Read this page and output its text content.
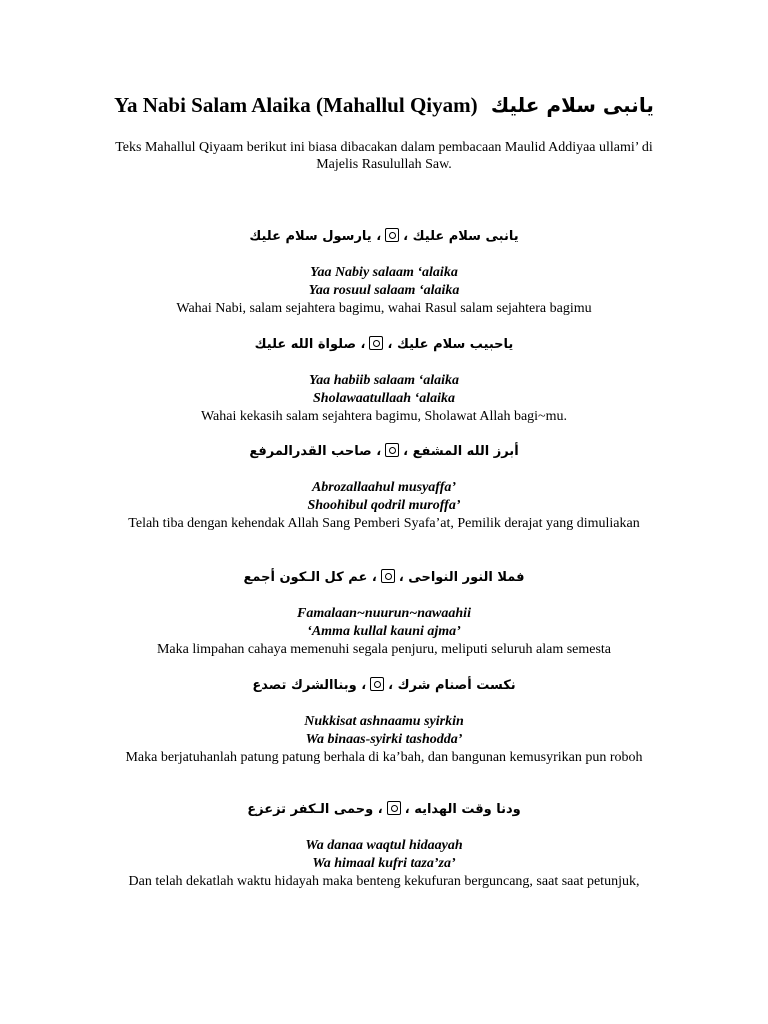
Ya Nabi Salam Alaika (Mahallul Qiyam) يانبى سلام عليك
Teks Mahallul Qiyaam berikut ini biasa dibacakan dalam pembacaan Maulid Addiyaa ullami’ di Majelis Rasulullah Saw.
يانبى سلام عليك ،، يارسول سلام عليك
Yaa Nabiy salaam ‘alaika
Yaa rosuul salaam ‘alaika
Wahai Nabi, salam sejahtera bagimu, wahai Rasul salam sejahtera bagimu
ياحبيب سلام عليك ،، صلواة الله عليك
Yaa habiib salaam ‘alaika
Sholawaatullaah ‘alaika
Wahai kekasih salam sejahtera bagimu, Sholawat Allah bagi~mu.
أبرز الله المشفع ،، صاحب القدرالمرفع
Abrozallaahul musyaffa’
Shoohibul qodril muroffa’
Telah tiba dengan kehendak Allah Sang Pemberi Syafa’at, Pemilik derajat yang dimuliakan
فملا النور النواحى ،، عم كل الـكون أجمع
Famalaan~nuurun~nawaahii
‘Amma kullal kauni ajma’
Maka limpahan cahaya memenuhi segala penjuru, meliputi seluruh alam semesta
نكست أصنام شرك ،، وبناالشرك تصدع
Nukkisat ashnaamu syirkin
Wa binaas-syirki tashodda’
Maka berjatuhanlah patung patung berhala di ka’bah, dan bangunan kemusyrikan pun roboh
ودنا وقت الهدايه ،، وحمى الـكفر تزعزع
Wa danaa waqtul hidaayah
Wa himaal kufri taza’za’
Dan telah dekatlah waktu hidayah maka benteng kekufuran berguncang, saat saat petunjuk,
